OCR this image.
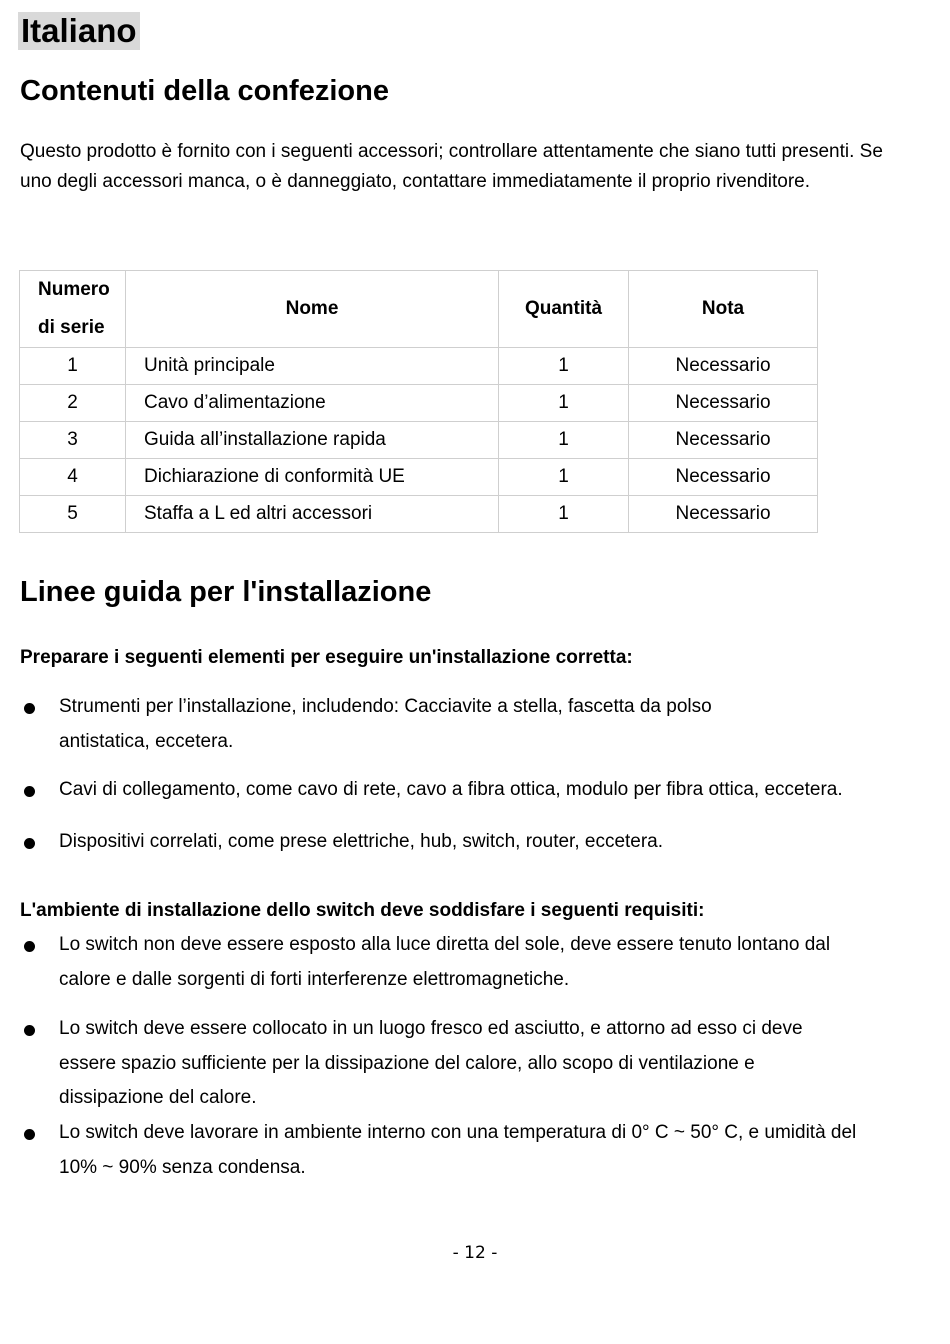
Italiano
Contenuti della confezione
Questo prodotto è fornito con i seguenti accessori; controllare attentamente che siano tutti presenti. Se uno degli accessori manca, o è danneggiato, contattare immediatamente il proprio rivenditore.
Numero di serie	Nome	Quantità	Nota
1	Unità principale	1	Necessario
2	Cavo d’alimentazione	1	Necessario
3	Guida all’installazione rapida	1	Necessario
4	Dichiarazione di conformità UE	1	Necessario
5	Staffa a L ed altri accessori	1	Necessario
Linee guida per l'installazione
Preparare i seguenti elementi per eseguire un'installazione corretta:
Strumenti per l’installazione, includendo: Cacciavite a stella, fascetta da polso antistatica, eccetera.
Cavi di collegamento, come cavo di rete, cavo a fibra ottica, modulo per fibra ottica, eccetera.
Dispositivi correlati, come prese elettriche, hub, switch, router, eccetera.
L'ambiente di installazione dello switch deve soddisfare i seguenti requisiti:
Lo switch non deve essere esposto alla luce diretta del sole, deve essere tenuto lontano dal calore e dalle sorgenti di forti interferenze elettromagnetiche.
Lo switch deve essere collocato in un luogo fresco ed asciutto, e attorno ad esso ci deve essere spazio sufficiente per la dissipazione del calore, allo scopo di ventilazione e dissipazione del calore.
Lo switch deve lavorare in ambiente interno con una temperatura di 0° C ~ 50° C, e umidità del 10% ~ 90% senza condensa.
- 12 -
